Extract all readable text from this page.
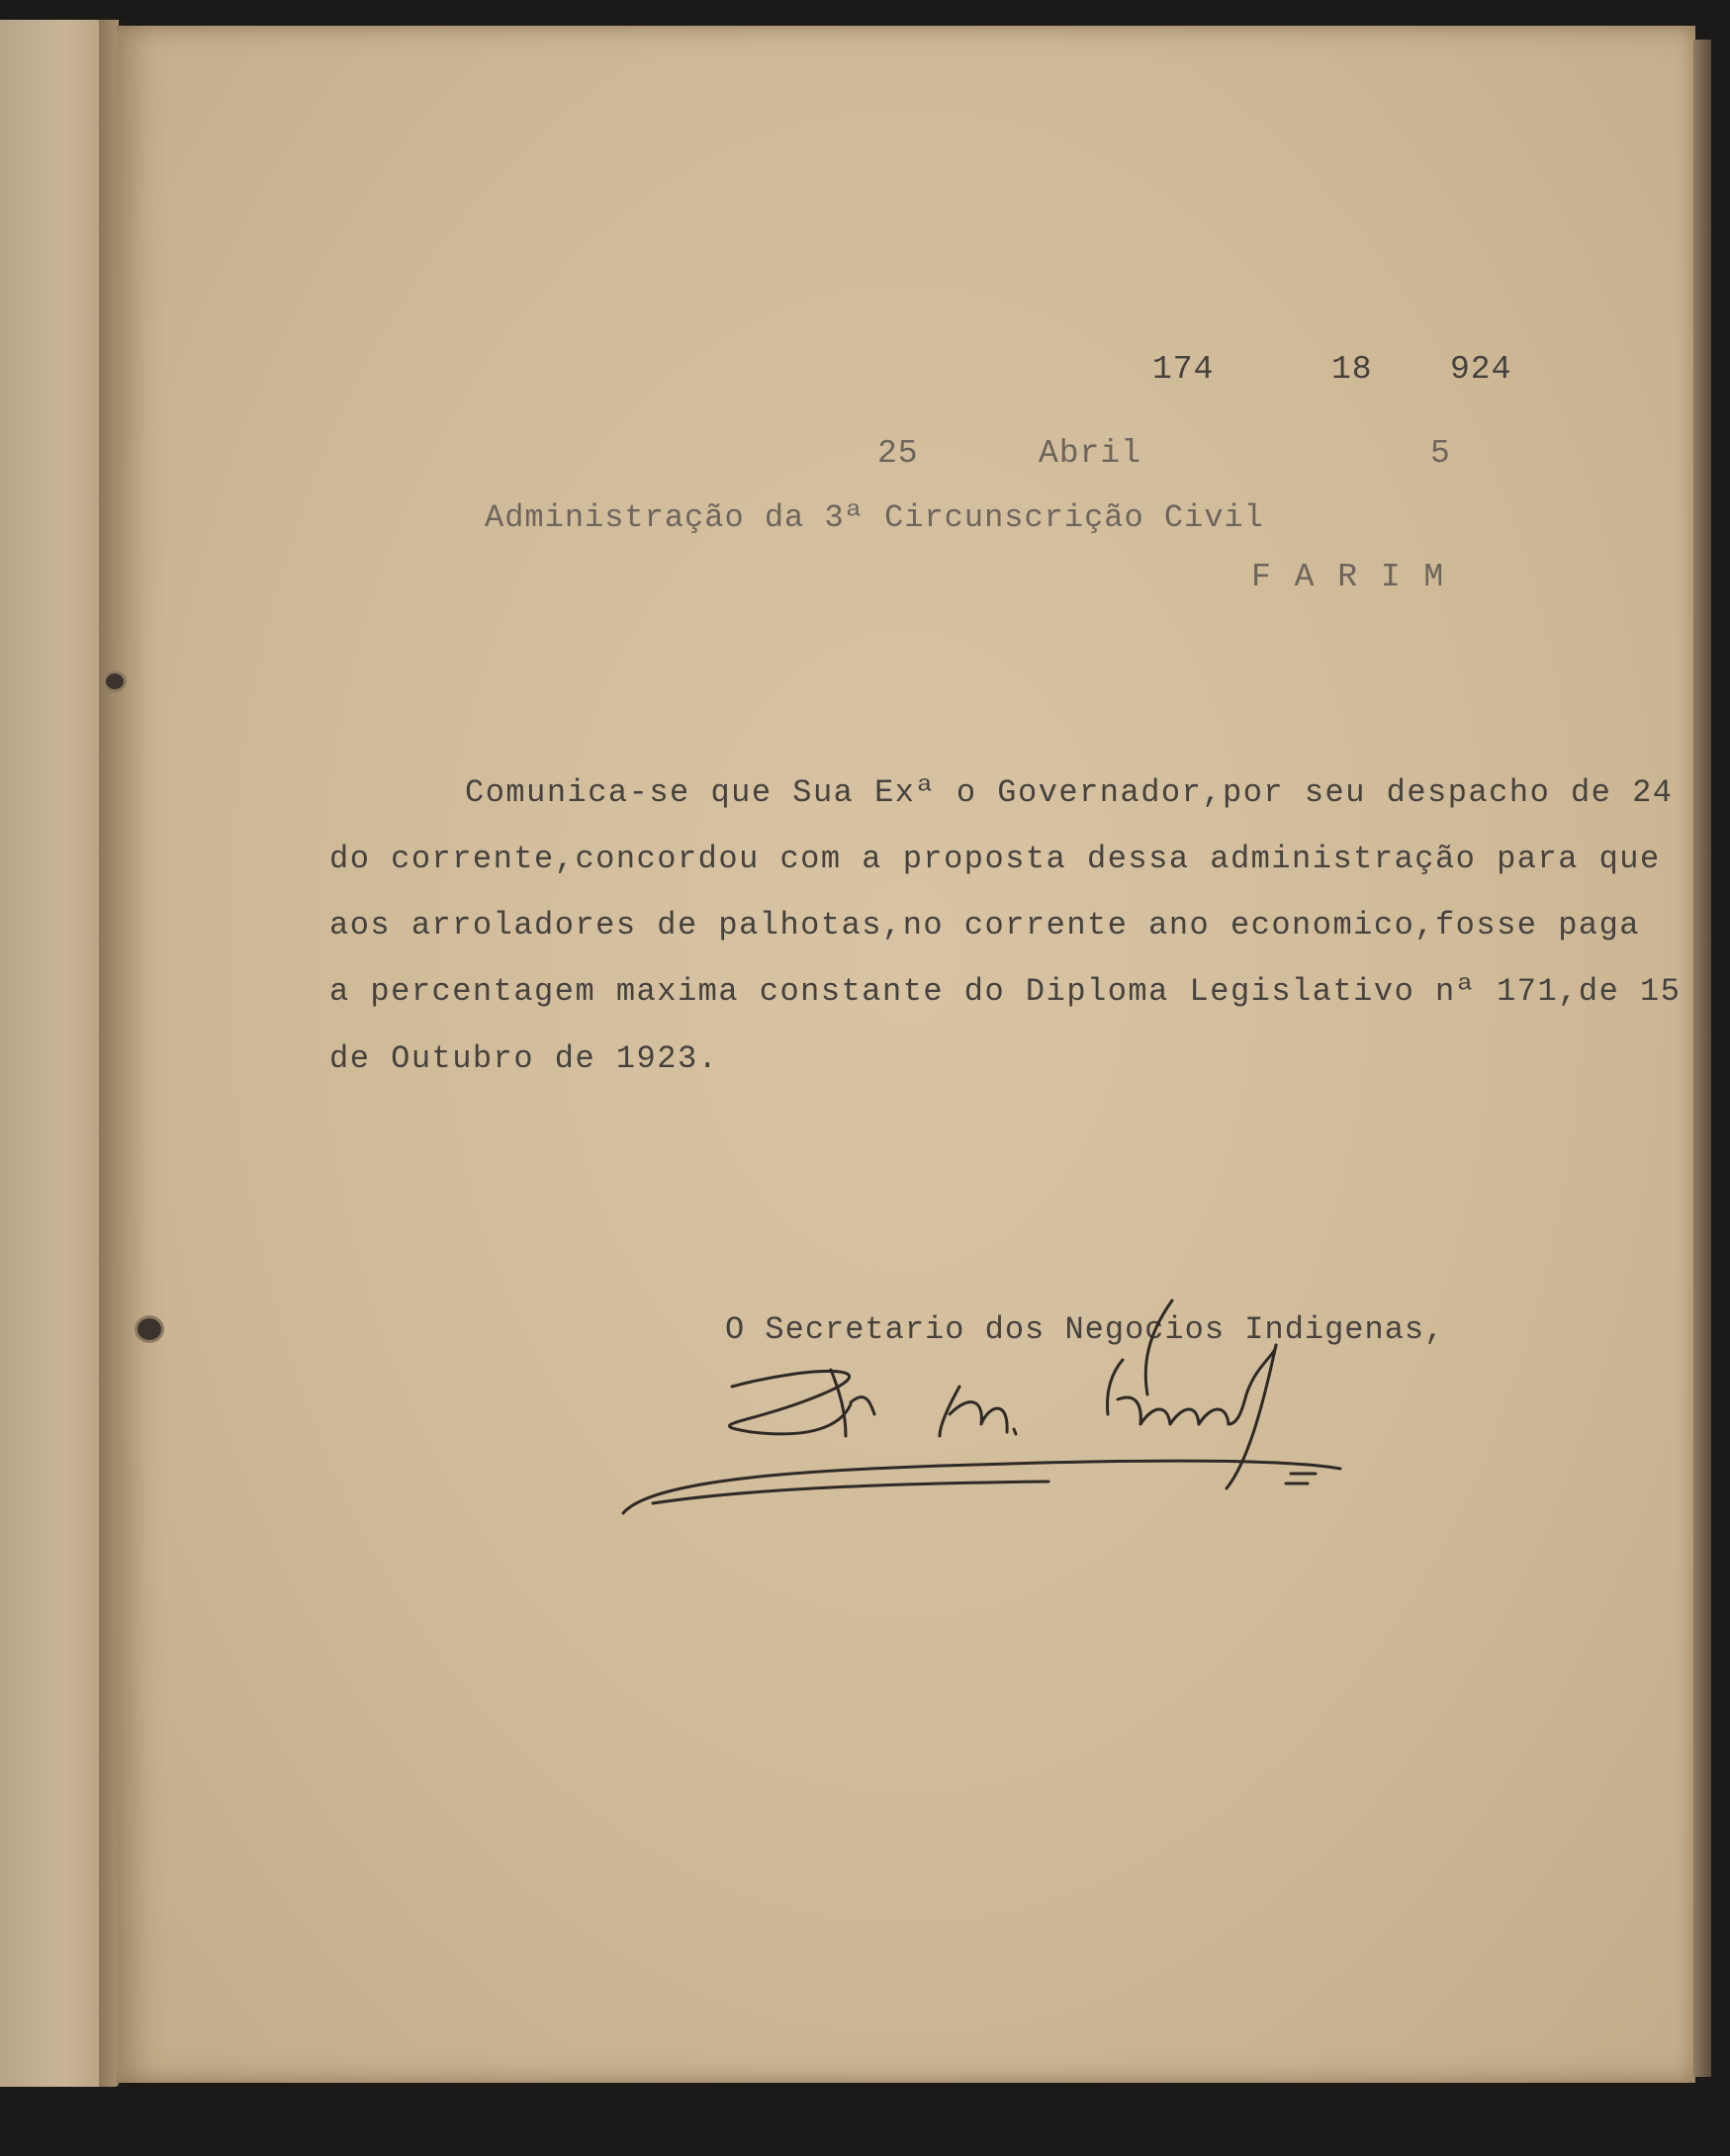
174	18 924
25	Abril	5
Administração da 3ª Circunscrição Civil
F A R I M
Comunica-se que Sua Exª o Governador,por seu despacho de 24
do corrente,concordou com a proposta dessa administração para que
aos arroladores de palhotas,no corrente ano economico,fosse paga
a percentagem maxima constante do Diploma Legislativo nª 171,de 15
de Outubro de 1923.
O Secretario dos Negocios Indigenas,
